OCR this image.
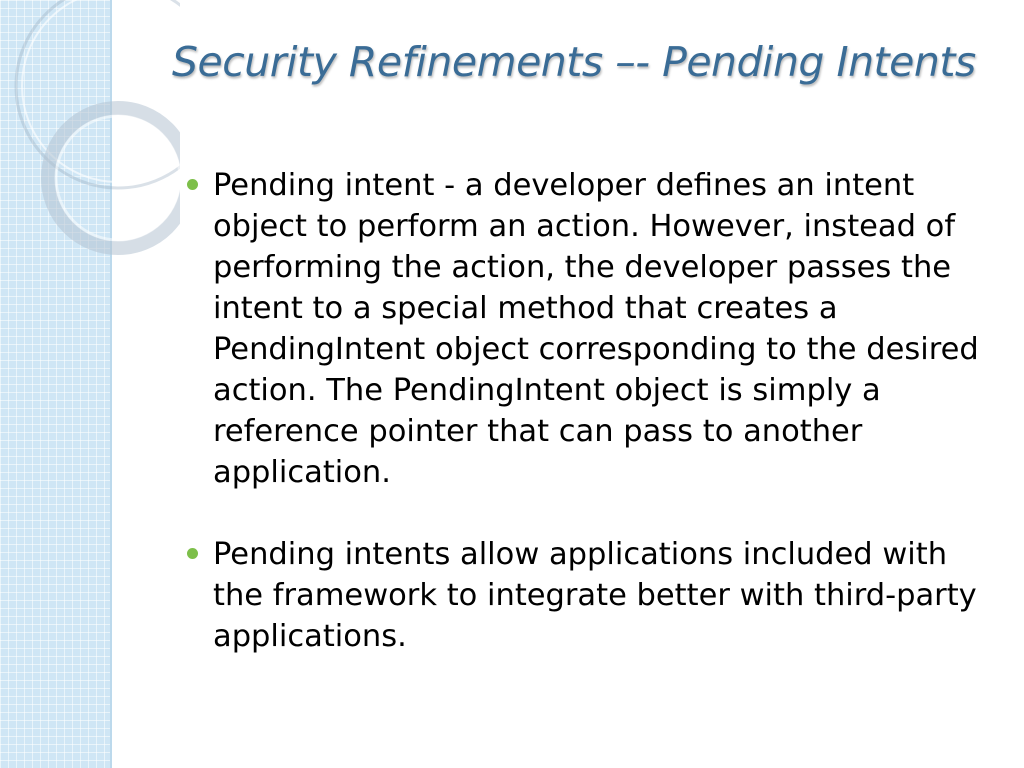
Security Refinements –- Pending Intents
Pending intent - a developer defines an intent object to perform an action. However, instead of performing the action, the developer passes the intent to a special method that creates a PendingIntent object corresponding to the desired action. The PendingIntent object is simply a reference pointer that can pass to another application.
Pending intents allow applications included with the framework to integrate better with third-party applications.
